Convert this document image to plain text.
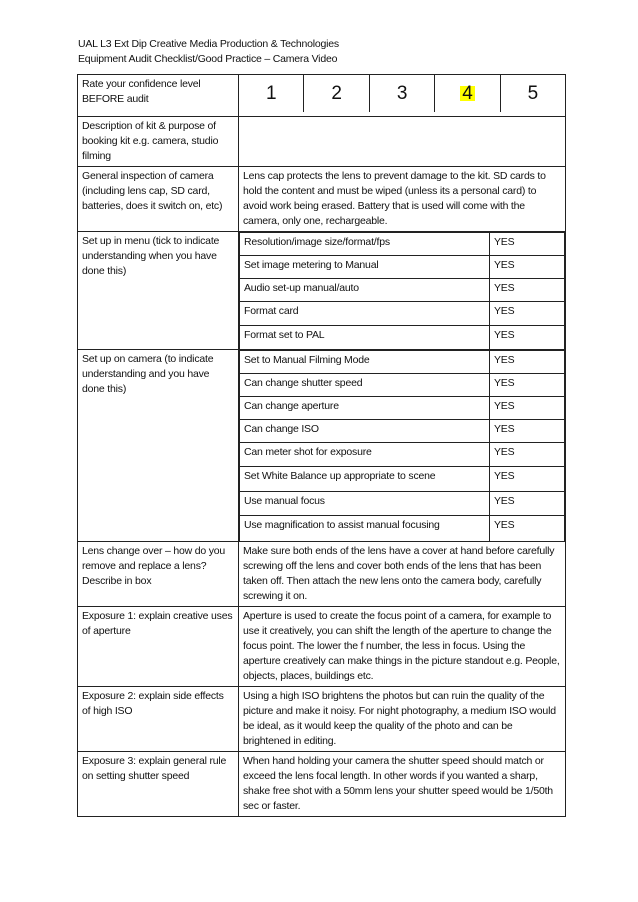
UAL L3 Ext Dip Creative Media Production & Technologies
Equipment Audit Checklist/Good Practice – Camera Video
Rate your confidence level BEFORE audit	1	2	3	4	5

Description of kit & purpose of booking kit e.g. camera, studio filming	
General inspection of camera (including lens cap, SD card, batteries, does it switch on, etc)	Lens cap protects the lens to prevent damage to the kit. SD cards to hold the content and must be wiped (unless its a personal card) to avoid work being erased. Battery that is used will come with the camera, only one, rechargeable.
Set up in menu (tick to indicate understanding when you have done this)	
Resolution/image size/format/fps	YES
Set image metering to Manual	YES
Audio set-up manual/auto	YES
Format card	YES
Format set to PAL	YES

Set up on camera (to indicate understanding and you have done this)	
Set to Manual Filming Mode	YES
Can change shutter speed	YES
Can change aperture	YES
Can change ISO	YES
Can meter shot for exposure	YES
Set White Balance up appropriate to scene	YES
Use manual focus	YES
Use magnification to assist manual focusing	YES

Lens change over – how do you remove and replace a lens? Describe in box	Make sure both ends of the lens have a cover at hand before carefully screwing off the lens and cover both ends of the lens that has been taken off. Then attach the new lens onto the camera body, carefully screwing it on.
Exposure 1: explain creative uses of aperture	Aperture is used to create the focus point of a camera, for example to use it creatively, you can shift the length of the aperture to change the focus point. The lower the f number, the less in focus. Using the aperture creatively can make things in the picture standout e.g. People, objects, places, buildings etc.
Exposure 2: explain side effects of high ISO	Using a high ISO brightens the photos but can ruin the quality of the picture and make it noisy. For night photography, a medium ISO would be ideal, as it would keep the quality of the photo and can be brightened in editing.
Exposure 3: explain general rule on setting shutter speed	When hand holding your camera the shutter speed should match or exceed the lens focal length. In other words if you wanted a sharp, shake free shot with a 50mm lens your shutter speed would be 1/50th sec or faster.
